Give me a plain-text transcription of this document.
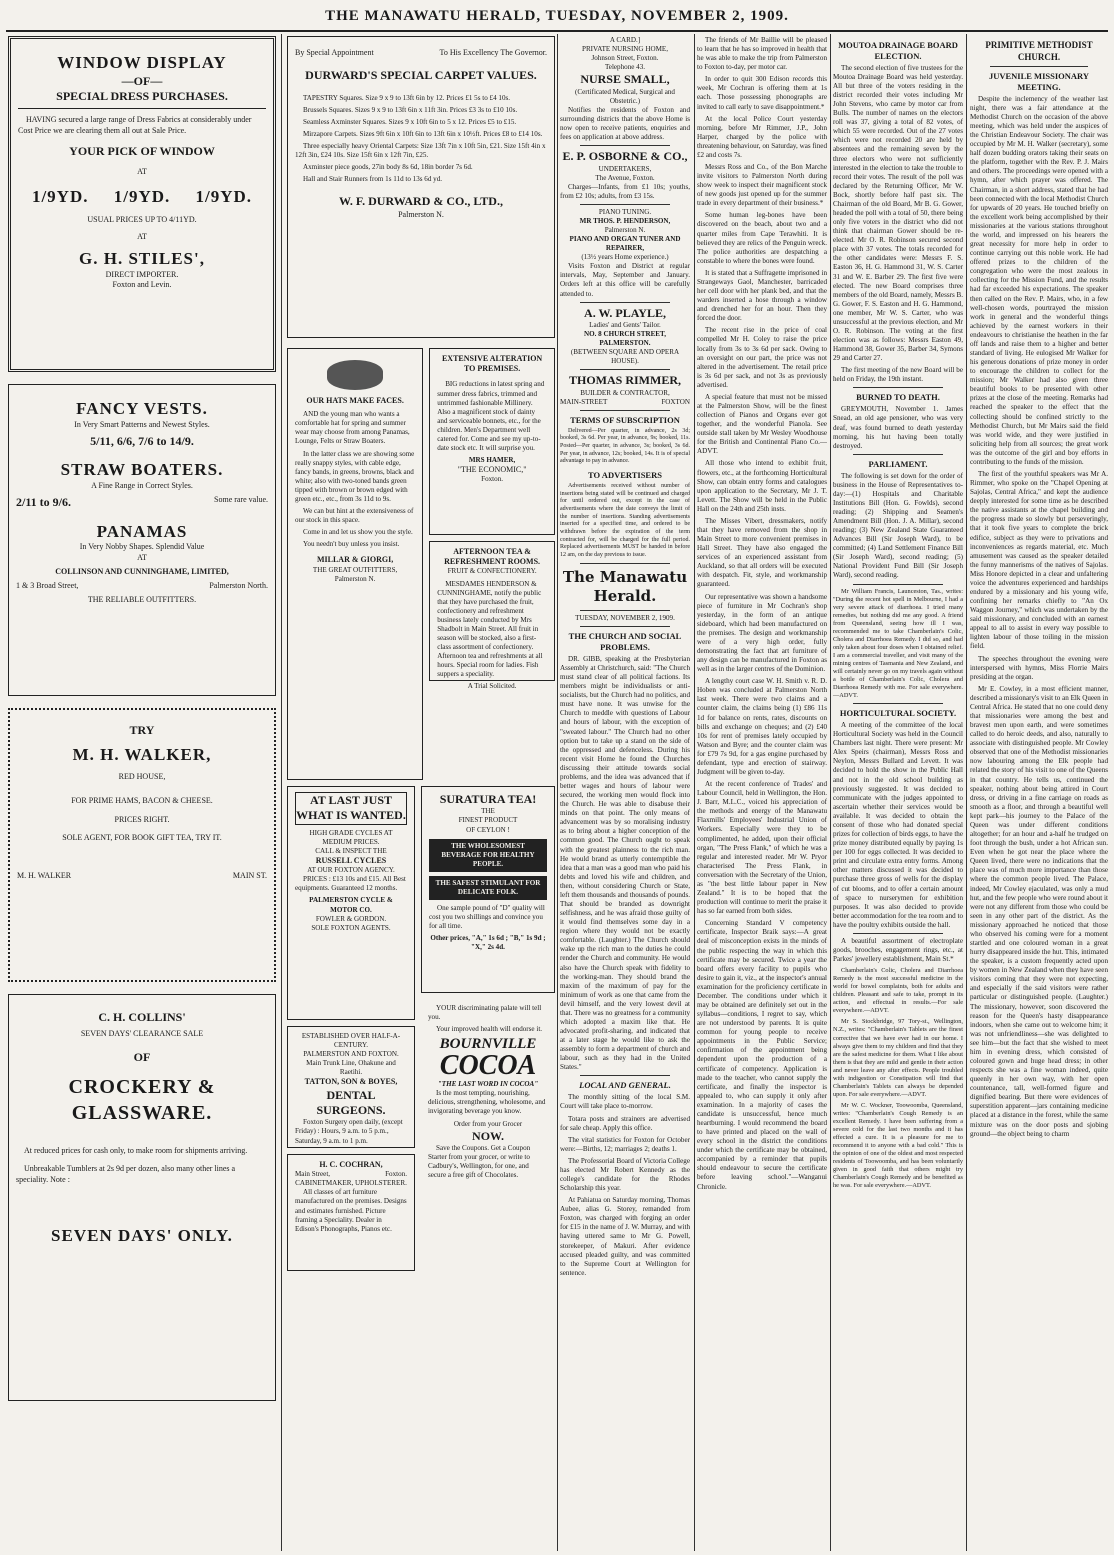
THE MANAWATU HERALD, TUESDAY, NOVEMBER 2, 1909.
WINDOW DISPLAY
—OF—
SPECIAL DRESS PURCHASES.

HAVING secured a large range of Dress Fabrics at considerably under Cost Price we are clearing them all out at Sale Price.

YOUR PICK OF WINDOW
AT
1/9YD. 1/9YD. 1/9YD.
USUAL PRICES UP TO 4/11YD.
AT
G. H. STILES',
DIRECT IMPORTER.
Foxton and Levin.
FANCY VESTS.
In Very Smart Patterns and Newest Styles.
5/11, 6/6, 7/6 to 14/9.
STRAW BOATERS.
A Fine Range in Correct Styles.
2/11 to 9/6.	Some rare value.
PANAMAS
In Very Nobby Shapes. Splendid Value
AT
COLLINSON AND CUNNINGHAME, LIMITED,
1 & 3 Broad Street,	Palmerston North.
THE RELIABLE OUTFITTERS.
TRY
M. H. WALKER,
RED HOUSE,
FOR PRIME HAMS, BACON & CHEESE.
PRICES RIGHT.
SOLE AGENT, FOR BOOK GIFT TEA, TRY IT.
M. H. WALKER	MAIN ST.
C. H. COLLINS'
SEVEN DAYS' CLEARANCE SALE
OF
CROCKERY & GLASSWARE.

At reduced prices for cash only, to make room for shipments arriving.

Unbreakable Tumblers at 2s 9d per dozen, also many other lines a speciality. Note :

SEVEN DAYS' ONLY.
By Special Appointment	To His Excellency The Governor.
DURWARD'S SPECIAL CARPET VALUES.

TAPESTRY Squares. Size 9 x 9 to 13ft 6in by 12. Prices £1 5s to £4 10s.

Brussels Squares. Sizes 9 x 9 to 13ft 6in x 11ft 3in. Prices £3 3s to £10 10s.

Seamless Axminster Squares. Sizes 9 x 10ft 6in to 5 x 12. Prices £5 to £15.

Mirzapore Carpets. Sizes 9ft 6in x 10ft 6in to 13ft 6in x 10½ft. Prices £8 to £14 10s.

Three especially heavy Oriental Carpets: Size 13ft 7in x 10ft 5in, £21. Size 15ft 4in x 12ft 3in, £24 10s. Size 15ft 6in x 12ft 7in, £25.

Axminster piece goods, 27in body 8s 6d, 18in border 7s 6d.

Hall and Stair Runners from 1s 11d to 13s 6d yd.

W. F. DURWARD & CO., LTD.,
Palmerston N.
OUR HATS MAKE FACES.

AND the young man who wants a comfortable hat for spring and summer wear may choose from among Panamas, Lounge, Felts or Straw Boaters.

In the latter class we are showing some really snappy styles, with cable edge, fancy bands, in greens, browns, black and white; also with two-toned bands green tipped with brown or brown edged with green etc., etc., from 3s 11d to 9s.

We can but hint at the extensiveness of our stock in this space.

Come in and let us show you the style.

You needn't buy unless you insist.

MILLAR & GIORGI,
THE GREAT OUTFITTERS,
Palmerston N.
EXTENSIVE ALTERATION TO PREMISES.

BIG reductions in latest spring and summer dress fabrics, trimmed and untrimmed fashionable Millinery. Also a magnificent stock of dainty and serviceable bonnets, etc., for the children. Men's Department well catered for. Come and see my up-to-date stock etc. It will surprise you.

MRS HAMER,
"THE ECONOMIC,"
Foxton.
AFTERNOON TEA & REFRESHMENT ROOMS.
FRUIT & CONFECTIONERY.

MESDAMES HENDERSON & CUNNINGHAME, notify the public that they have purchased the fruit, confectionery and refreshment business lately conducted by Mrs Shadbolt in Main Street. All fruit in season will be stocked, also a first-class assortment of confectionery. Afternoon tea and refreshments at all hours. Special room for ladies. Fish suppers a speciality.

A Trial Solicited.
AT LAST JUST WHAT IS WANTED.
HIGH GRADE CYCLES AT MEDIUM PRICES.
CALL & INSPECT THE
RUSSELL CYCLES
AT OUR FOXTON AGENCY.

PRICES : £13 10s and £15. All Best equipments. Guaranteed 12 months.

PALMERSTON CYCLE & MOTOR CO.
FOWLER & GORDON.
SOLE FOXTON AGENTS.
ESTABLISHED OVER HALF-A-CENTURY.
PALMERSTON AND FOXTON.
Main Trunk Line, Ohakune and Raetihi.
TATTON, SON & BOYES,
DENTAL SURGEONS.

Foxton Surgery open daily, (except Friday) : Hours, 9 a.m. to 5 p.m., Saturday, 9 a.m. to 1 p.m.

H. C. COCHRAN,
Main Street,	Foxton.
CABINETMAKER, UPHOLSTERER.

All classes of art furniture manufactured on the premises. Designs and estimates furnished. Picture framing a Speciality. Dealer in Edison's Phonographs, Pianos etc.

SURATURA TEA!
THE
FINEST PRODUCT
OF CEYLON !
THE WHOLESOMEST BEVERAGE FOR HEALTHY PEOPLE.
THE SAFEST STIMULANT FOR DELICATE FOLK.

One sample pound of "D" quality will cost you two shillings and convince you for all time.

Other prices, "A," 1s 6d ; "B," 1s 9d ; "X," 2s 4d.

YOUR discriminating palate will tell you.

Your improved health will endorse it.

BOURNVILLE
COCOA
"THE LAST WORD IN COCOA"

Is the most tempting, nourishing, delicious, strengthening, wholesome, and invigorating beverage you know.

Order from your Grocer
NOW.

Save the Coupons. Get a Coupon Starter from your grocer, or write to Cadbury's, Wellington, for one, and secure a free gift of Chocolates.

A CARD.]
PRIVATE NURSING HOME,
Johnson Street, Foxton.
Telephone 43.
NURSE SMALL,
(Certificated Medical, Surgical and Obstetric.)

Notifies the residents of Foxton and surrounding districts that the above Home is now open to receive patients, enquiries and fees on application at above address.

E. P. OSBORNE & CO.,
UNDERTAKERS,
The Avenue, Foxton.

Charges—Infants, from £1 10s; youths, from £2 10s; adults, from £3 15s.

PIANO TUNING.
MR THOS. P. HENDERSON,
Palmerston N.
PIANO AND ORGAN TUNER AND REPAIRER,
(13½ years Home experience.)

Visits Foxton and District at regular intervals, May, September and January. Orders left at this office will be carefully attended to.

A. W. PLAYLE,
Ladies' and Gents' Tailor.
NO. 8 CHURCH STREET, PALMERSTON.
(BETWEEN SQUARE AND OPERA HOUSE).
THOMAS RIMMER,
BUILDER & CONTRACTOR,
MAIN-STREET	FOXTON
TERMS OF SUBSCRIPTION

Delivered—Per quarter, in advance, 2s 3d; booked, 3s 6d. Per year, in advance, 9s; booked, 11s. Posted—Per quarter, in advance, 3s; booked, 3s 6d. Per year, in advance, 12s; booked, 14s. It is of special advantage to pay in advance.

TO ADVERTISERS

Advertisements received without number of insertions being stated will be continued and charged for until ordered out, except in the case of advertisements where the date conveys the limit of the number of insertions. Standing advertisements inserted for a specified time, and ordered to be withdrawn before the expiration of the term contracted for, will be charged for the full period. Replaced advertisements MUST be handed in before 12 am, on the day previous to issue.

The Manawatu Herald.
TUESDAY, NOVEMBER 2, 1909.
THE CHURCH AND SOCIAL PROBLEMS.

DR. GIBB, speaking at the Presbyterian Assembly at Christchurch, said: "The Church must stand clear of all political factions. Its members might be individualists or anti-socialists, but the Church had no politics, and must have none. It was unwise for the Church to meddle with questions of Labour and hours of labour, with the exception of "sweated labour." The Church had no other option but to take up a stand on the side of the oppressed and defenceless. During his recent visit Home he found the Churches discussing their attitude towards social problems, and the idea was advanced that if better wages and hours of labour were secured, the working men would flock into the Church. He was able to disabuse their minds on that point. The only means of advancement was by so moralising industry as to bring about a higher conception of the common good. The Church ought to speak with the greatest plainness to the rich man. He would brand as utterly contemptible the idea that a man was a good man who paid his debts and loved his wife and children, and then, without considering Church or State, left them thousands and thousands of pounds. That should be branded as downright selfishness, and he was afraid those guilty of it would find themselves some day in a region where they would not be exactly comfortable. (Laughter.) The Church should wake up the rich man to the duties he could render the Church and community. He would also have the Church speak with fidelity to the working-man. They should brand the maxim of the maximum of pay for the minimum of work as one that came from the devil himself, and the very lowest devil at that. There was no greatness for a community which adopted a maxim like that. He advocated profit-sharing, and indicated that at a later stage he would like to ask the assembly to form a department of church and labour, such as they had in the United States."

LOCAL AND GENERAL.

The monthly sitting of the local S.M. Court will take place to-morrow.

Totara posts and strainers are advertised for sale cheap. Apply this office.

The vital statistics for Foxton for October were:—Births, 12; marriages 2; deaths 1.

The Professorial Board of Victoria College has elected Mr Robert Kennedy as the college's candidate for the Rhodes Scholarship this year.

At Pahiatua on Saturday morning, Thomas Aubee, alias G. Storey, remanded from Foxton, was charged with forging an order for £15 in the name of J. W. Murray, and with having uttered same to Mr G. Powell, storekeeper, of Makuri. After evidence accused pleaded guilty, and was committed to the Supreme Court at Wellington for sentence.

The friends of Mr Baillie will be pleased to learn that he has so improved in health that he was able to make the trip from Palmerston to Foxton to-day, per motor car.

In order to quit 300 Edison records this week, Mr Cochran is offering them at 1s each. Those possessing phonographs are invited to call early to save disappointment.*

At the local Police Court yesterday morning, before Mr Rimmer, J.P., John Harper, charged by the police with threatening behaviour, on Saturday, was fined £2 and costs 7s.

Messrs Ross and Co., of the Bon Marche invite visitors to Palmerston North during show week to inspect their magnificent stock of new goods just opened up for the summer trade in every department of their business.*

Some human leg-bones have been discovered on the beach, about two and a quarter miles from Cape Terawhiti. It is believed they are relics of the Penguin wreck. The police authorities are despatching a constable to where the bones were found.

It is stated that a Suffragette imprisoned in Strangeways Gaol, Manchester, barricaded her cell door with her plank bed, and that the warders inserted a hose through a window and drenched her for an hour. Then they forced the door.

The recent rise in the price of coal compelled Mr H. Coley to raise the price locally from 3s to 3s 6d per sack. Owing to an oversight on our part, the price was not altered in the advertisement. The retail price is 3s 6d per sack, and not 3s as previously advertised.

A special feature that must not be missed at the Palmerston Show, will be the finest collection of Pianos and Organs ever got together, and the wonderful Pianola. See outside stall taken by Mr Wesley Woodhouse for the British and Continental Piano Co.—ADVT.

All those who intend to exhibit fruit, flowers, etc., at the forthcoming Horticultural Show, can obtain entry forms and catalogues upon application to the Secretary, Mr J. T. Levett. The Show will be held in the Public Hall on the 24th and 25th insts.

The Misses Vibert, dressmakers, notify that they have removed from the shop in Main Street to more convenient premises in Hall Street. They have also engaged the services of an experienced assistant from Auckland, so that all orders will be executed with despatch. Fit, style, and workmanship guaranteed.

Our representative was shown a handsome piece of furniture in Mr Cochran's shop yesterday, in the form of an antique sideboard, which had been manufactured on the premises. The design and workmanship were of a very high order, fully demonstrating the fact that art furniture of any design can be manufactured in Foxton as well as in the larger centres of the Dominion.

A lengthy court case W. H. Smith v. R. D. Hoben was concluded at Palmerston North last week. There were two claims and a counter claim, the claims being (1) £86 11s 1d for balance on rents, rates, discounts on bills and exchange on cheques; and (2) £40 10s for rent of premises lately occupied by Watson and Byre; and the counter claim was for £79 7s 9d, for a gas engine purchased by defendant, type and erection of stairway. Judgment will be given to-day.

At the recent conference of Trades' and Labour Council, held in Wellington, the Hon. J. Barr, M.L.C., voiced his appreciation of the methods and energy of the Manawatu Flaxmills' Employees' Industrial Union of Workers. Especially were they to be complimented, he added, upon their official organ, "The Press Flank," of which he was a regular and interested reader. Mr W. Pryor characterised The Press Flank, in conversation with the Secretary of the Union, as "the best little labour paper in New Zealand." It is to be hoped that the production will continue to merit the praise it has so far earned from both sides.

Concerning Standard V competency certificate, Inspector Braik says:—A great deal of misconception exists in the minds of the public respecting the way in which this certificate may be secured. Twice a year the board offers every facility to pupils who desire to gain it, viz., at the inspector's annual examination for the proficiency certificate in December. The conditions under which it may be obtained are definitely set out in the syllabus—conditions, I regret to say, which are not understood by parents. It is quite common for young people to receive appointments in the Public Service; confirmation of the appointment being dependent upon the production of a certificate of competency. Application is made to the teacher, who cannot supply the certificate, and finally the inspector is appealed to, who can supply it only after examination. In a majority of cases the candidate is unsuccessful, hence much heartburning. I would recommend the board to have printed and placed on the wall of every school in the district the conditions under which the certificate may be obtained, accompanied by a reminder that pupils should endeavour to secure the certificate before leaving school."—Wanganui Chronicle.

MOUTOA DRAINAGE BOARD ELECTION.

The second election of five trustees for the Moutoa Drainage Board was held yesterday. All but three of the voters residing in the district recorded their votes including Mr John Stevens, who came by motor car from Bulls. The number of names on the electors roll was 37, giving a total of 82 votes, of which 55 were recorded. Out of the 27 votes which were not recorded 20 are held by absentees and the remaining seven by the three electors who were not sufficiently interested in the election to take the trouble to record their votes. The result of the poll was declared by the Returning Officer, Mr W. Bock, shortly before half past six. The Chairman of the old Board, Mr B. G. Gower, headed the poll with a total of 50, there being only five voters in the district who did not think that chairman Gower should be re-elected. Mr O. R. Robinson secured second place with 37 votes. The totals recorded for the other candidates were: Messrs F. S. Easton 36, H. G. Hammond 31, W. S. Carter 31 and W. E. Barber 29. The first five were elected. The new Board comprises three members of the old Board, namely, Messrs B. G. Gower, F. S. Easton and H. G. Hammond, one member, Mr W. S. Carter, who was unsuccessful at the previous election, and Mr O. R. Robinson. The voting at the first election was as follows: Messrs Easton 49, Hammond 38, Gower 35, Barber 34, Symons 29 and Carter 27.

The first meeting of the new Board will be held on Friday, the 19th instant.

BURNED TO DEATH.

GREYMOUTH, November 1. James Snead, an old age pensioner, who was very deaf, was found burned to death yesterday morning, his hut having been totally destroyed.

PARLIAMENT.

The following is set down for the order of business in the House of Representatives to-day:—(1) Hospitals and Charitable Institutions Bill (Hon. G. Fowlds), second reading; (2) Shipping and Seamen's Amendment Bill (Hon. J. A. Millar), second reading; (3) New Zealand State Guaranteed Advances Bill (Sir Joseph Ward), to be committed; (4) Land Settlement Finance Bill (Sir Joseph Ward), second reading; (5) National Provident Fund Bill (Sir Joseph Ward), second reading.

Mr William Francis, Launceston, Tas., writes: "During the recent hot spell in Melbourne, I had a very severe attack of diarrhoea. I tried many remedies, but nothing did me any good. A friend from Queensland, seeing how ill I was, recommended me to take Chamberlain's Colic, Cholera and Diarrhoea Remedy. I did so, and had only taken about four doses when I obtained relief. I am a commercial traveller, and visit many of the mining centres of Tasmania and New Zealand, and will certainly never go on my travels again without a bottle of Chamberlain's Colic, Cholera and Diarrhoea Remedy with me. For sale everywhere.—ADVT.

HORTICULTURAL SOCIETY.

A meeting of the committee of the local Horticultural Society was held in the Council Chambers last night. There were present: Mr Alex Speirs (chairman), Messrs Ross and Neylon, Messrs Bullard and Levett. It was decided to hold the show in the Public Hall and not in the old school building as previously suggested. It was decided to communicate with the judges appointed to ascertain whether their services would be available. It was decided to obtain the consent of those who had donated special prizes for collection of birds eggs, to have the prize money distributed equally by paying 1s per 100 for eggs collected. It was decided to print and circulate extra entry forms. Among other matters discussed it was decided to purchase three gross of wells for the display of cut blooms, and to offer a certain amount of space to nurserymen for exhibition purposes. It was also decided to provide better accommodation for the tea room and to have the poultry exhibits outside the hall.

A beautiful assortment of electroplate goods, brooches, engagement rings, etc., at Parkes' jewellery establishment, Main St.*

Chamberlain's Colic, Cholera and Diarrhoea Remedy is the most successful medicine in the world for bowel complaints, both for adults and children. Pleasant and safe to take, prompt in its action, and effectual in results.—For sale everywhere.—ADVT.

Mr S. Stockbridge, 97 Tory-st., Wellington, N.Z., writes: "Chamberlain's Tablets are the finest corrective that we have ever had in our home. I always give them to my children and find that they are the safest medicine for them. What I like about them is that they are mild and gentle in their action and never leave any after effects. People troubled with indigestion or Constipation will find that Chamberlain's Tablets can always be depended upon. For sale everywhere.—ADVT.

Mr W. C. Wockner, Toowoomba, Queensland, writes: "Chamberlain's Cough Remedy is an excellent Remedy. I have been suffering from a severe cold for the last two months and it has effected a cure. It is a pleasure for me to recommend it to anyone with a bad cold." This is the opinion of one of the oldest and most respected residents of Toowoomba, and has been voluntarily given in good faith that others might try Chamberlain's Cough Remedy and be benefited as he was. For sale everywhere.—ADVT.

PRIMITIVE METHODIST CHURCH.
JUVENILE MISSIONARY MEETING.

Despite the inclemency of the weather last night, there was a fair attendance at the Methodist Church on the occasion of the above meeting, which was held under the auspices of the Christian Endeavour Society. The chair was occupied by Mr M. H. Walker (secretary), some half dozen budding orators taking their seats on the platform, together with the Rev. P. J. Mairs and others. The proceedings were opened with a hymn, after which prayer was offered. The Chairman, in a short address, stated that he had been connected with the local Methodist Church for upwards of 20 years. He touched briefly on the excellent work being accomplished by their missionaries at the various stations throughout the world, and impressed on his hearers the great necessity for more help in order to continue carrying out this noble work. He had offered prizes to the children of the congregation who were the most zealous in collecting for the Mission Fund, and the results had far exceeded his expectations. The speaker then called on the Rev. P. Mairs, who, in a few well-chosen words, pourtrayed the mission work in general and the wonderful things achieved by the earnest workers in their endeavours to christianise the heathen in the far off lands and raise them to a higher and better standard of living. He eulogised Mr Walker for his generous donations of prize money in order to encourage the children to collect for the mission; Mr Walker had also given three beautiful books to be presented with other prizes at the close of the meeting. Remarks had reached the speaker to the effect that the collecting should be confined strictly to the Methodist Church, but Mr Mairs said the field was world wide, and they were justified in soliciting help from all sources; the great work was the outcome of the girl and boy efforts in contributing to the funds of the mission.

The first of the youthful speakers was Mr A. Rimmer, who spoke on the "Chapel Opening at Sajolas, Central Africa," and kept the audience deeply interested for some time as he described the native assistants at the chapel building and the progress made so slowly but perseveringly, that it took five years to complete the brick edifice, subject as they were to privations and inconveniences as regards material, etc. Much amusement was caused as the speaker detailed the funny mannerisms of the natives of Sajolas. Miss Honore depicted in a clear and unfaltering voice the adventures experienced and hardships endured by a missionary and his young wife, confining her remarks chiefly to "An Ox Waggon Journey," which was undertaken by the said missionary, and concluded with an earnest appeal to all to assist in every way possible to lighten labour of those toiling in the mission field.

The speeches throughout the evening were interspersed with hymns, Miss Florrie Mairs presiding at the organ.

Mr E. Cowley, in a most efficient manner, described a missionary's visit to an Elk Queen in Central Africa. He stated that no one could deny that missionaries were among the best and bravest men upon earth, and were sometimes called to do heroic deeds, and also, naturally to associate with distinguished people. Mr Cowley observed that one of the Methodist missionaries now labouring among the Elk people had related the story of his visit to one of the Queens in that country. He tells us, continued the speaker, nothing about being attired in Court dress, or driving in a fine carriage on roads as smooth as a floor, and through a beautiful well kept park—his journey to the Palace of the Queen was under different conditions altogether; for an hour and a-half he trudged on foot through the bush, under a hot African sun. Even when he got near the place where the Queen lived, there were no indications that the place was of much more importance than those where the common people lived. The Palace, indeed, Mr Cowley ejaculated, was only a mud hut, and the few people who were round about it were not any different from those who could be seen in any other part of the district. As the missionary approached he noticed that those who observed his coming were for a moment startled and one coloured woman in a great hurry disappeared inside the hut. This, intimated the speaker, is a custom frequently acted upon by women in New Zealand when they have seen visitors coming that they were not expecting, and especially if the said visitors were rather particular or distinguished people. (Laughter.) The missionary, however, soon discovered the reason for the Queen's hasty disappearance indoors, when she came out to welcome him; it was not unfriendliness—she was delighted to see him—but the fact that she wished to meet him in evening dress, which consisted of coloured gown and huge head dress; in other respects she was a fine woman indeed, quite queenly in her own way, with her open countenance, tall, well-formed figure and dignified bearing. But there were evidences of superstition apparent—jars containing medicine placed at a distance in the forest, while the same mixture was on the door posts and sjobing ground—the object being to charm
